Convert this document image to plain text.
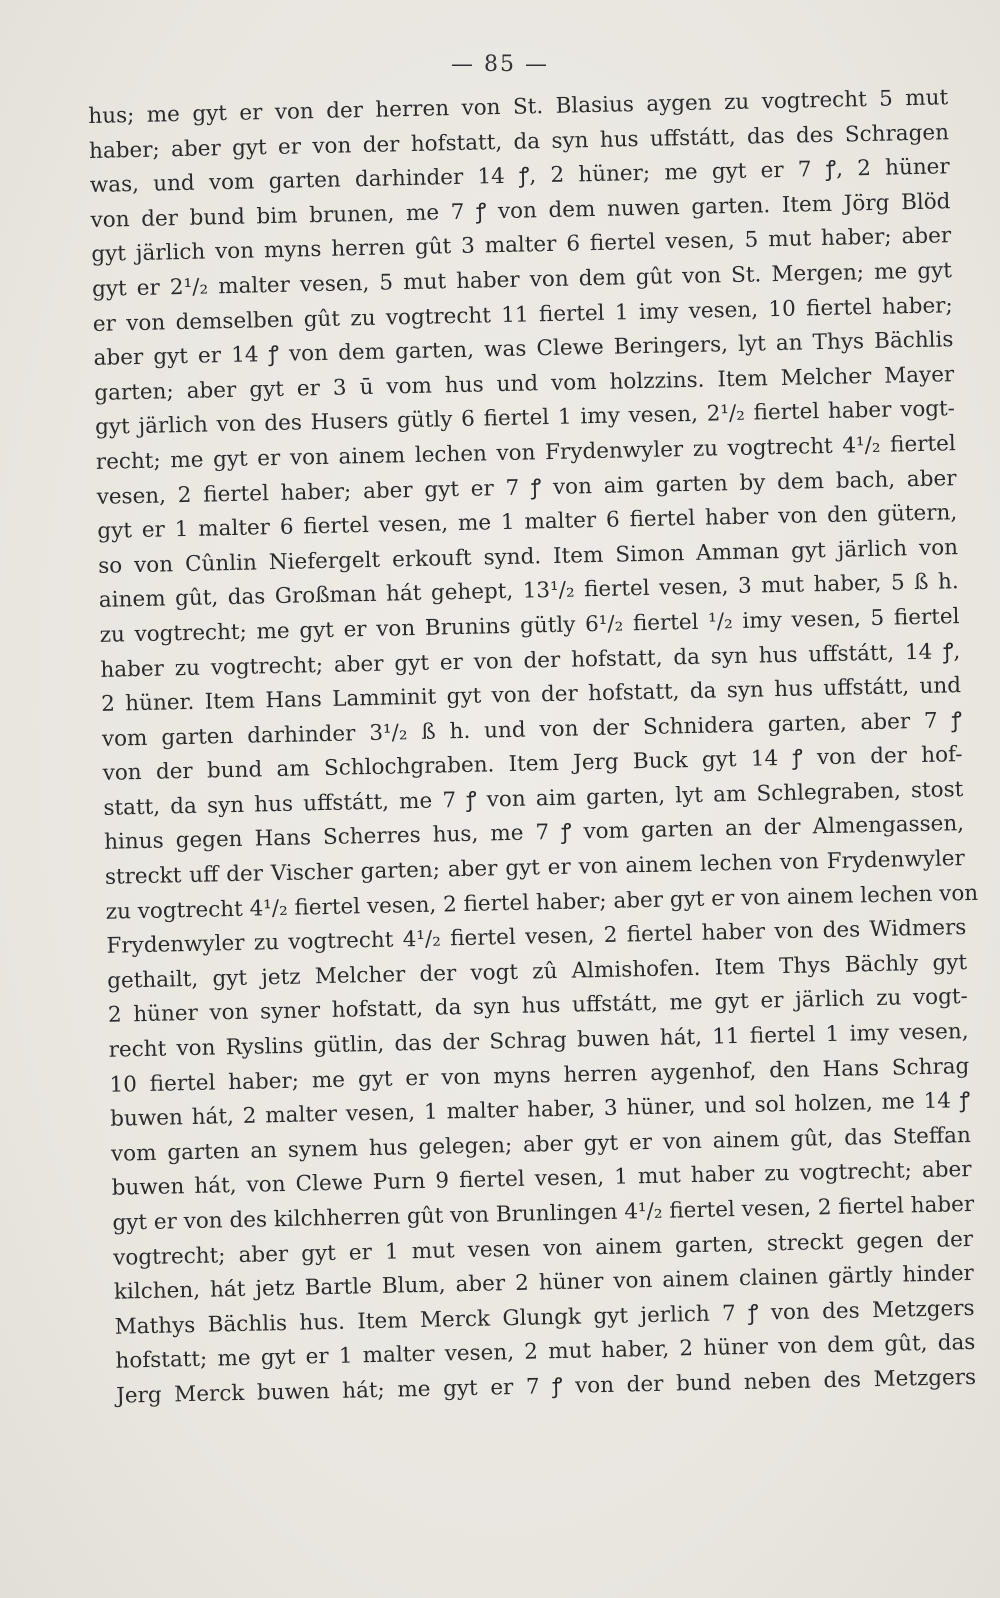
— 85 —
hus; me gyt er von der herren von St. Blasius aygen zu vogtrecht 5 mut
haber; aber gyt er von der hofstatt, da syn hus uffstátt, das des Schragen
was, und vom garten darhinder 14 ꝭ, 2 hüner; me gyt er 7 ꝭ, 2 hüner
von der bund bim brunen, me 7 ꝭ von dem nuwen garten. Item Jörg Blöd
gyt järlich von myns herren gût 3 malter 6 fiertel vesen, 5 mut haber; aber
gyt er 2¹/₂ malter vesen, 5 mut haber von dem gût von St. Mergen; me gyt
er von demselben gût zu vogtrecht 11 fiertel 1 imy vesen, 10 fiertel haber;
aber gyt er 14 ꝭ von dem garten, was Clewe Beringers, lyt an Thys Bächlis
garten; aber gyt er 3 ū vom hus und vom holzzins. Item Melcher Mayer
gyt järlich von des Husers gütly 6 fiertel 1 imy vesen, 2¹/₂ fiertel haber vogt-
recht; me gyt er von ainem lechen von Frydenwyler zu vogtrecht 4¹/₂ fiertel
vesen, 2 fiertel haber; aber gyt er 7 ꝭ von aim garten by dem bach, aber
gyt er 1 malter 6 fiertel vesen, me 1 malter 6 fiertel haber von den gütern,
so von Cûnlin Niefergelt erkouft synd. Item Simon Amman gyt järlich von
ainem gût, das Großman hát gehept, 13¹/₂ fiertel vesen, 3 mut haber, 5 ß h.
zu vogtrecht; me gyt er von Brunins gütly 6¹/₂ fiertel ¹/₂ imy vesen, 5 fiertel
haber zu vogtrecht; aber gyt er von der hofstatt, da syn hus uffstátt, 14 ꝭ,
2 hüner. Item Hans Lamminit gyt von der hofstatt, da syn hus uffstátt, und
vom garten darhinder 3¹/₂ ß h. und von der Schnidera garten, aber 7 ꝭ
von der bund am Schlochgraben. Item Jerg Buck gyt 14 ꝭ von der hof-
statt, da syn hus uffstátt, me 7 ꝭ von aim garten, lyt am Schlegraben, stost
hinus gegen Hans Scherres hus, me 7 ꝭ vom garten an der Almengassen,
streckt uff der Vischer garten; aber gyt er von ainem lechen von Frydenwyler
zu vogtrecht 4¹/₂ fiertel vesen, 2 fiertel haber; aber gyt er von ainem lechen von
Frydenwyler zu vogtrecht 4¹/₂ fiertel vesen, 2 fiertel haber von des Widmers
gethailt, gyt jetz Melcher der vogt zû Almishofen. Item Thys Bächly gyt
2 hüner von syner hofstatt, da syn hus uffstátt, me gyt er järlich zu vogt-
recht von Ryslins gütlin, das der Schrag buwen hát, 11 fiertel 1 imy vesen,
10 fiertel haber; me gyt er von myns herren aygenhof, den Hans Schrag
buwen hát, 2 malter vesen, 1 malter haber, 3 hüner, und sol holzen, me 14 ꝭ
vom garten an synem hus gelegen; aber gyt er von ainem gût, das Steffan
buwen hát, von Clewe Purn 9 fiertel vesen, 1 mut haber zu vogtrecht; aber
gyt er von des kilchherren gût von Brunlingen 4¹/₂ fiertel vesen, 2 fiertel haber
vogtrecht; aber gyt er 1 mut vesen von ainem garten, streckt gegen der
kilchen, hát jetz Bartle Blum, aber 2 hüner von ainem clainen gärtly hinder
Mathys Bächlis hus. Item Merck Glungk gyt jerlich 7 ꝭ von des Metzgers
hofstatt; me gyt er 1 malter vesen, 2 mut haber, 2 hüner von dem gût, das
Jerg Merck buwen hát; me gyt er 7 ꝭ von der bund neben des Metzgers
